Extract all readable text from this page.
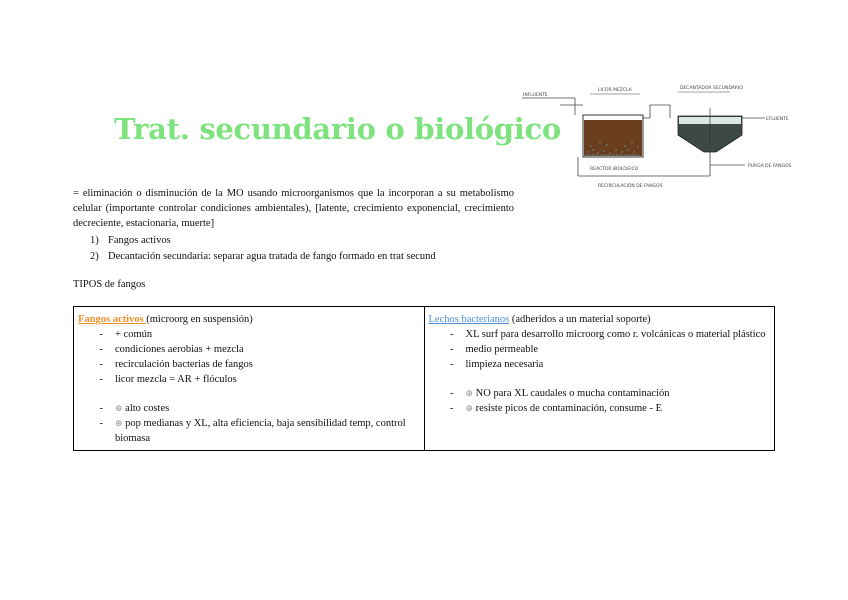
Trat. secundario o biológico
INFLUENTE
LICOR MEZCLA
REACTOR BIOLÓGICO
DECANTADOR SECUNDARIO
EFLUENTE
PURGA DE FANGOS
RECIRCULACIÓN DE FANGOS
= eliminación o disminución de la MO usando microorganismos que la incorporan a su metabolismo celular (importante controlar condiciones ambientales), [latente, crecimiento exponencial, crecimiento decreciente, estacionaria, muerte]
1) Fangos activos
2) Decantación secundaria: separar agua tratada de fango formado en trat secund
TIPOS de fangos
Fangos activos (microorg en suspensión)
-	+ común
-	condiciones aerobias + mezcla
-	recirculación bacterias de fangos
-	licor mezcla = AR + flóculos
-	⊕ alto costes
-	⊕ pop medianas y XL, alta eficiencia, baja sensibilidad temp, control biomasa

Lechos bacterianos (adheridos a un material soporte)
-	XL surf para desarrollo microorg como r. volcánicas o material plástico
-	medio permeable
-	limpieza necesaria
-	⊕ NO para XL caudales o mucha contaminación
-	⊕ resiste picos de contaminación, consume - E
